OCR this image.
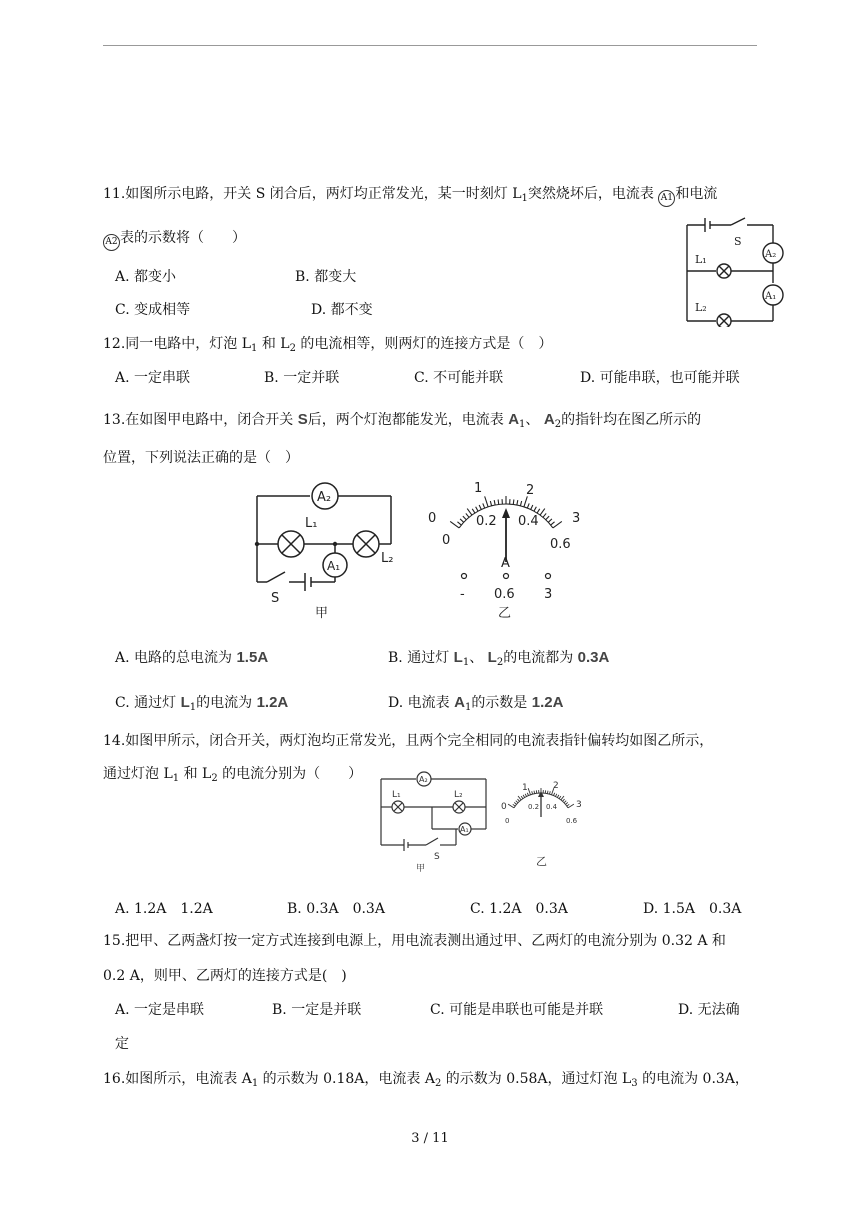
11.如图所示电路，开关 S 闭合后，两灯均正常发光，某一时刻灯 $L_1$突然烧坏后，电流表 A1 和电流
A2 表的示数将（　　）
A. 都变小	B. 都变大
C. 变成相等	D. 都不变
S
A₂
L₁
A₁
L₂
12.同一电路中，灯泡 $L_1$ 和 $L_2$ 的电流相等，则两灯的连接方式是（　）
A. 一定串联	B. 一定并联	C. 不可能并联	D. 可能串联，也可能并联
13.在如图甲电路中，闭合开关 S后，两个灯泡都能发光，电流表 $A_1$、 $A_2$的指针均在图乙所示的
位置，下列说法正确的是（　）
A₂
L₁
A₁	L₂
S
甲
0
1	2
3
0
0.2 0.4
0.6
A
- 0.6 3
乙
A. 电路的总电流为 1.5A	B. 通过灯 $L_1$、 $L_2$的电流都为 0.3A
C. 通过灯 $L_1$的电流为 1.2A	D. 电流表 $A_1$的示数是 1.2A
14.如图甲所示，闭合开关，两灯泡均正常发光，且两个完全相同的电流表指针偏转均如图乙所示，
通过灯泡 $L_1$ 和 $L_2$ 的电流分别为（　　）	A₂
L₁	L₂
A₁
S
甲
0
1	2
3
0
0.2 0.4
0.6
乙
A. 1.2A　1.2A	B. 0.3A　0.3A	C. 1.2A　0.3A	D. 1.5A　0.3A
15.把甲、乙两盏灯按一定方式连接到电源上，用电流表测出通过甲、乙两灯的电流分别为 0.32 A 和
0.2 A，则甲、乙两灯的连接方式是(　)
A. 一定是串联	B. 一定是并联	C. 可能是串联也可能是并联	D. 无法确
定
16.如图所示，电流表 $A_1$ 的示数为 0.18A，电流表 $A_2$ 的示数为 0.58A，通过灯泡 $L_3$ 的电流为 0.3A，
3 / 11
